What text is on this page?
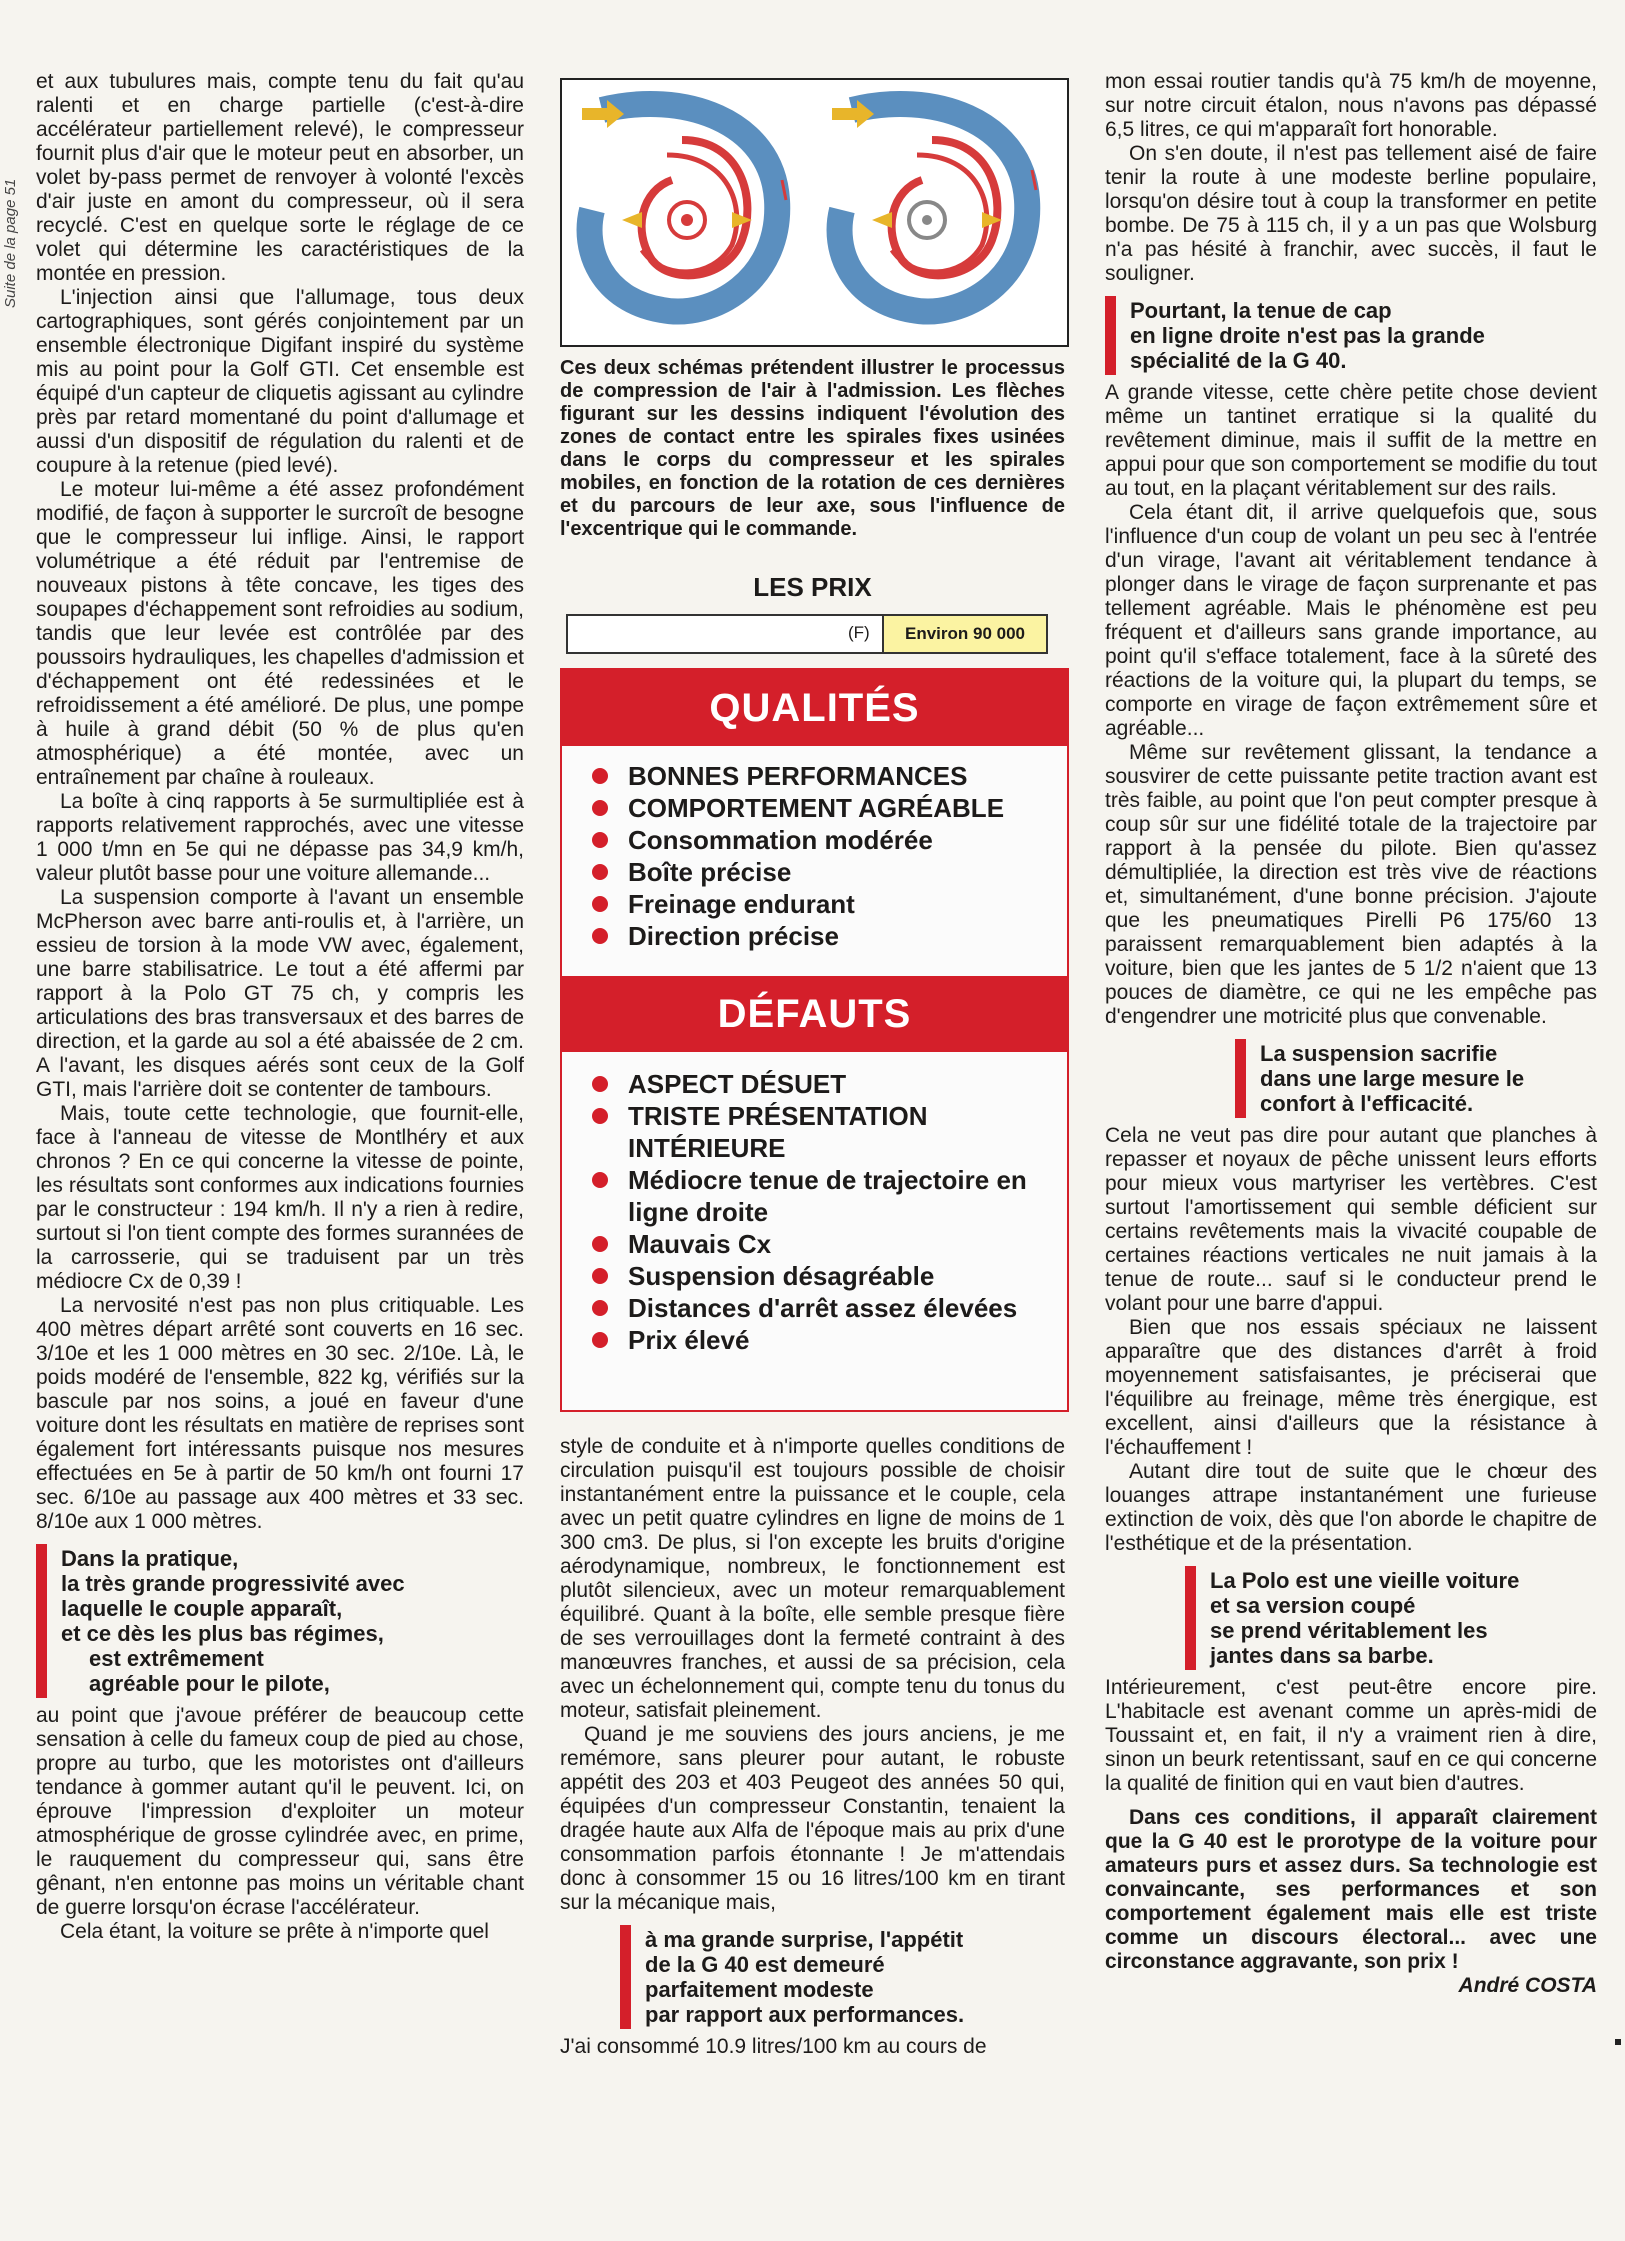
Suite de la page 51

et aux tubulures mais, compte tenu du fait qu'au ralenti et en charge partielle (c'est-à-dire accélérateur partiellement relevé), le compresseur fournit plus d'air que le moteur peut en absorber, un volet by-pass permet de renvoyer à volonté l'excès d'air juste en amont du compresseur, où il sera recyclé. C'est en quelque sorte le réglage de ce volet qui détermine les caractéristiques de la montée en pression.

L'injection ainsi que l'allumage, tous deux cartographiques, sont gérés conjointement par un ensemble électronique Digifant inspiré du système mis au point pour la Golf GTI. Cet ensemble est équipé d'un capteur de cliquetis agissant au cylindre près par retard momentané du point d'allumage et aussi d'un dispositif de régulation du ralenti et de coupure à la retenue (pied levé).

Le moteur lui-même a été assez profondément modifié, de façon à supporter le surcroît de besogne que le compresseur lui inflige. Ainsi, le rapport volumétrique a été réduit par l'entremise de nouveaux pistons à tête concave, les tiges des soupapes d'échappement sont refroidies au sodium, tandis que leur levée est contrôlée par des poussoirs hydrauliques, les chapelles d'admission et d'échappement ont été redessinées et le refroidissement a été amélioré. De plus, une pompe à huile à grand débit (50 % de plus qu'en atmosphérique) a été montée, avec un entraînement par chaîne à rouleaux.

La boîte à cinq rapports à 5e surmultipliée est à rapports relativement rapprochés, avec une vitesse 1 000 t/mn en 5e qui ne dépasse pas 34,9 km/h, valeur plutôt basse pour une voiture allemande...

La suspension comporte à l'avant un ensemble McPherson avec barre anti-roulis et, à l'arrière, un essieu de torsion à la mode VW avec, également, une barre stabilisatrice. Le tout a été affermi par rapport à la Polo GT 75 ch, y compris les articulations des bras transversaux et des barres de direction, et la garde au sol a été abaissée de 2 cm. A l'avant, les disques aérés sont ceux de la Golf GTI, mais l'arrière doit se contenter de tambours.

Mais, toute cette technologie, que fournit-elle, face à l'anneau de vitesse de Montlhéry et aux chronos ? En ce qui concerne la vitesse de pointe, les résultats sont conformes aux indications fournies par le constructeur : 194 km/h. Il n'y a rien à redire, surtout si l'on tient compte des formes surannées de la carrosserie, qui se traduisent par un très médiocre Cx de 0,39 !

La nervosité n'est pas non plus critiquable. Les 400 mètres départ arrêté sont couverts en 16 sec. 3/10e et les 1 000 mètres en 30 sec. 2/10e. Là, le poids modéré de l'ensemble, 822 kg, vérifiés sur la bascule par nos soins, a joué en faveur d'une voiture dont les résultats en matière de reprises sont également fort intéressants puisque nos mesures effectuées en 5e à partir de 50 km/h ont fourni 17 sec. 6/10e au passage aux 400 mètres et 33 sec. 8/10e aux 1 000 mètres.

Dans la pratique,
la très grande progressivité avec
laquelle le couple apparaît,
et ce dès les plus bas régimes,
est extrêmement
agréable pour le pilote,

au point que j'avoue préférer de beaucoup cette sensation à celle du fameux coup de pied au chose, propre au turbo, que les motoristes ont d'ailleurs tendance à gommer autant qu'il le peuvent. Ici, on éprouve l'impression d'exploiter un moteur atmosphérique de grosse cylindrée avec, en prime, le rauquement du compresseur qui, sans être gênant, n'en entonne pas moins un véritable chant de guerre lorsqu'on écrase l'accélérateur.

Cela étant, la voiture se prête à n'importe quel

Ces deux schémas prétendent illustrer le processus de compression de l'air à l'admission. Les flèches figurant sur les dessins indiquent l'évolution des zones de contact entre les spirales fixes usinées dans le corps du compresseur et les spirales mobiles, en fonction de la rotation de ces dernières et du parcours de leur axe, sous l'influence de l'excentrique qui le commande.
LES PRIX
(F)	Environ 90 000
QUALITÉS
BONNES PERFORMANCES
COMPORTEMENT AGRÉABLE
Consommation modérée
Boîte précise
Freinage endurant
Direction précise
DÉFAUTS
ASPECT DÉSUET
TRISTE PRÉSENTATION INTÉRIEURE
Médiocre tenue de trajectoire en ligne droite
Mauvais Cx
Suspension désagréable
Distances d'arrêt assez élevées
Prix élevé

style de conduite et à n'importe quelles conditions de circulation puisqu'il est toujours possible de choisir instantanément entre la puissance et le couple, cela avec un petit quatre cylindres en ligne de moins de 1 300 cm3. De plus, si l'on excepte les bruits d'origine aérodynamique, nombreux, le fonctionnement est plutôt silencieux, avec un moteur remarquablement équilibré. Quant à la boîte, elle semble presque fière de ses verrouillages dont la fermeté contraint à des manœuvres franches, et aussi de sa précision, cela avec un échelonnement qui, compte tenu du tonus du moteur, satisfait pleinement.

Quand je me souviens des jours anciens, je me remémore, sans pleurer pour autant, le robuste appétit des 203 et 403 Peugeot des années 50 qui, équipées d'un compresseur Constantin, tenaient la dragée haute aux Alfa de l'époque mais au prix d'une consommation parfois étonnante ! Je m'attendais donc à consommer 15 ou 16 litres/100 km en tirant sur la mécanique mais,

à ma grande surprise, l'appétit
de la G 40 est demeuré
parfaitement modeste
par rapport aux performances.

J'ai consommé 10.9 litres/100 km au cours de

mon essai routier tandis qu'à 75 km/h de moyenne, sur notre circuit étalon, nous n'avons pas dépassé 6,5 litres, ce qui m'apparaît fort honorable.

On s'en doute, il n'est pas tellement aisé de faire tenir la route à une modeste berline populaire, lorsqu'on désire tout à coup la transformer en petite bombe. De 75 à 115 ch, il y a un pas que Wolsburg n'a pas hésité à franchir, avec succès, il faut le souligner.

Pourtant, la tenue de cap
en ligne droite n'est pas la grande
spécialité de la G 40.

A grande vitesse, cette chère petite chose devient même un tantinet erratique si la qualité du revêtement diminue, mais il suffit de la mettre en appui pour que son comportement se modifie du tout au tout, en la plaçant véritablement sur des rails.

Cela étant dit, il arrive quelquefois que, sous l'influence d'un coup de volant un peu sec à l'entrée d'un virage, l'avant ait véritablement tendance à plonger dans le virage de façon surprenante et pas tellement agréable. Mais le phénomène est peu fréquent et d'ailleurs sans grande importance, au point qu'il s'efface totalement, face à la sûreté des réactions de la voiture qui, la plupart du temps, se comporte en virage de façon extrêmement sûre et agréable...

Même sur revêtement glissant, la tendance a sousvirer de cette puissante petite traction avant est très faible, au point que l'on peut compter presque à coup sûr sur une fidélité totale de la trajectoire par rapport à la pensée du pilote. Bien qu'assez démultipliée, la direction est très vive de réactions et, simultanément, d'une bonne précision. J'ajoute que les pneumatiques Pirelli P6 175/60 13 paraissent remarquablement bien adaptés à la voiture, bien que les jantes de 5 1/2 n'aient que 13 pouces de diamètre, ce qui ne les empêche pas d'engendrer une motricité plus que convenable.

La suspension sacrifie
dans une large mesure le
confort à l'efficacité.

Cela ne veut pas dire pour autant que planches à repasser et noyaux de pêche unissent leurs efforts pour mieux vous martyriser les vertèbres. C'est surtout l'amortissement qui semble déficient sur certains revêtements mais la vivacité coupable de certaines réactions verticales ne nuit jamais à la tenue de route... sauf si le conducteur prend le volant pour une barre d'appui.

Bien que nos essais spéciaux ne laissent apparaître que des distances d'arrêt à froid moyennement satisfaisantes, je préciserai que l'équilibre au freinage, même très énergique, est excellent, ainsi d'ailleurs que la résistance à l'échauffement !

Autant dire tout de suite que le chœur des louanges attrape instantanément une furieuse extinction de voix, dès que l'on aborde le chapitre de l'esthétique et de la présentation.

La Polo est une vieille voiture
et sa version coupé
se prend véritablement les
jantes dans sa barbe.

Intérieurement, c'est peut-être encore pire. L'habitacle est avenant comme un après-midi de Toussaint et, en fait, il n'y a vraiment rien à dire, sinon un beurk retentissant, sauf en ce qui concerne la qualité de finition qui en vaut bien d'autres.

Dans ces conditions, il apparaît clairement que la G 40 est le prorotype de la voiture pour amateurs purs et assez durs. Sa technologie est convaincante, ses performances et son comportement également mais elle est triste comme un discours électoral... avec une circonstance aggravante, son prix !

André COSTA
